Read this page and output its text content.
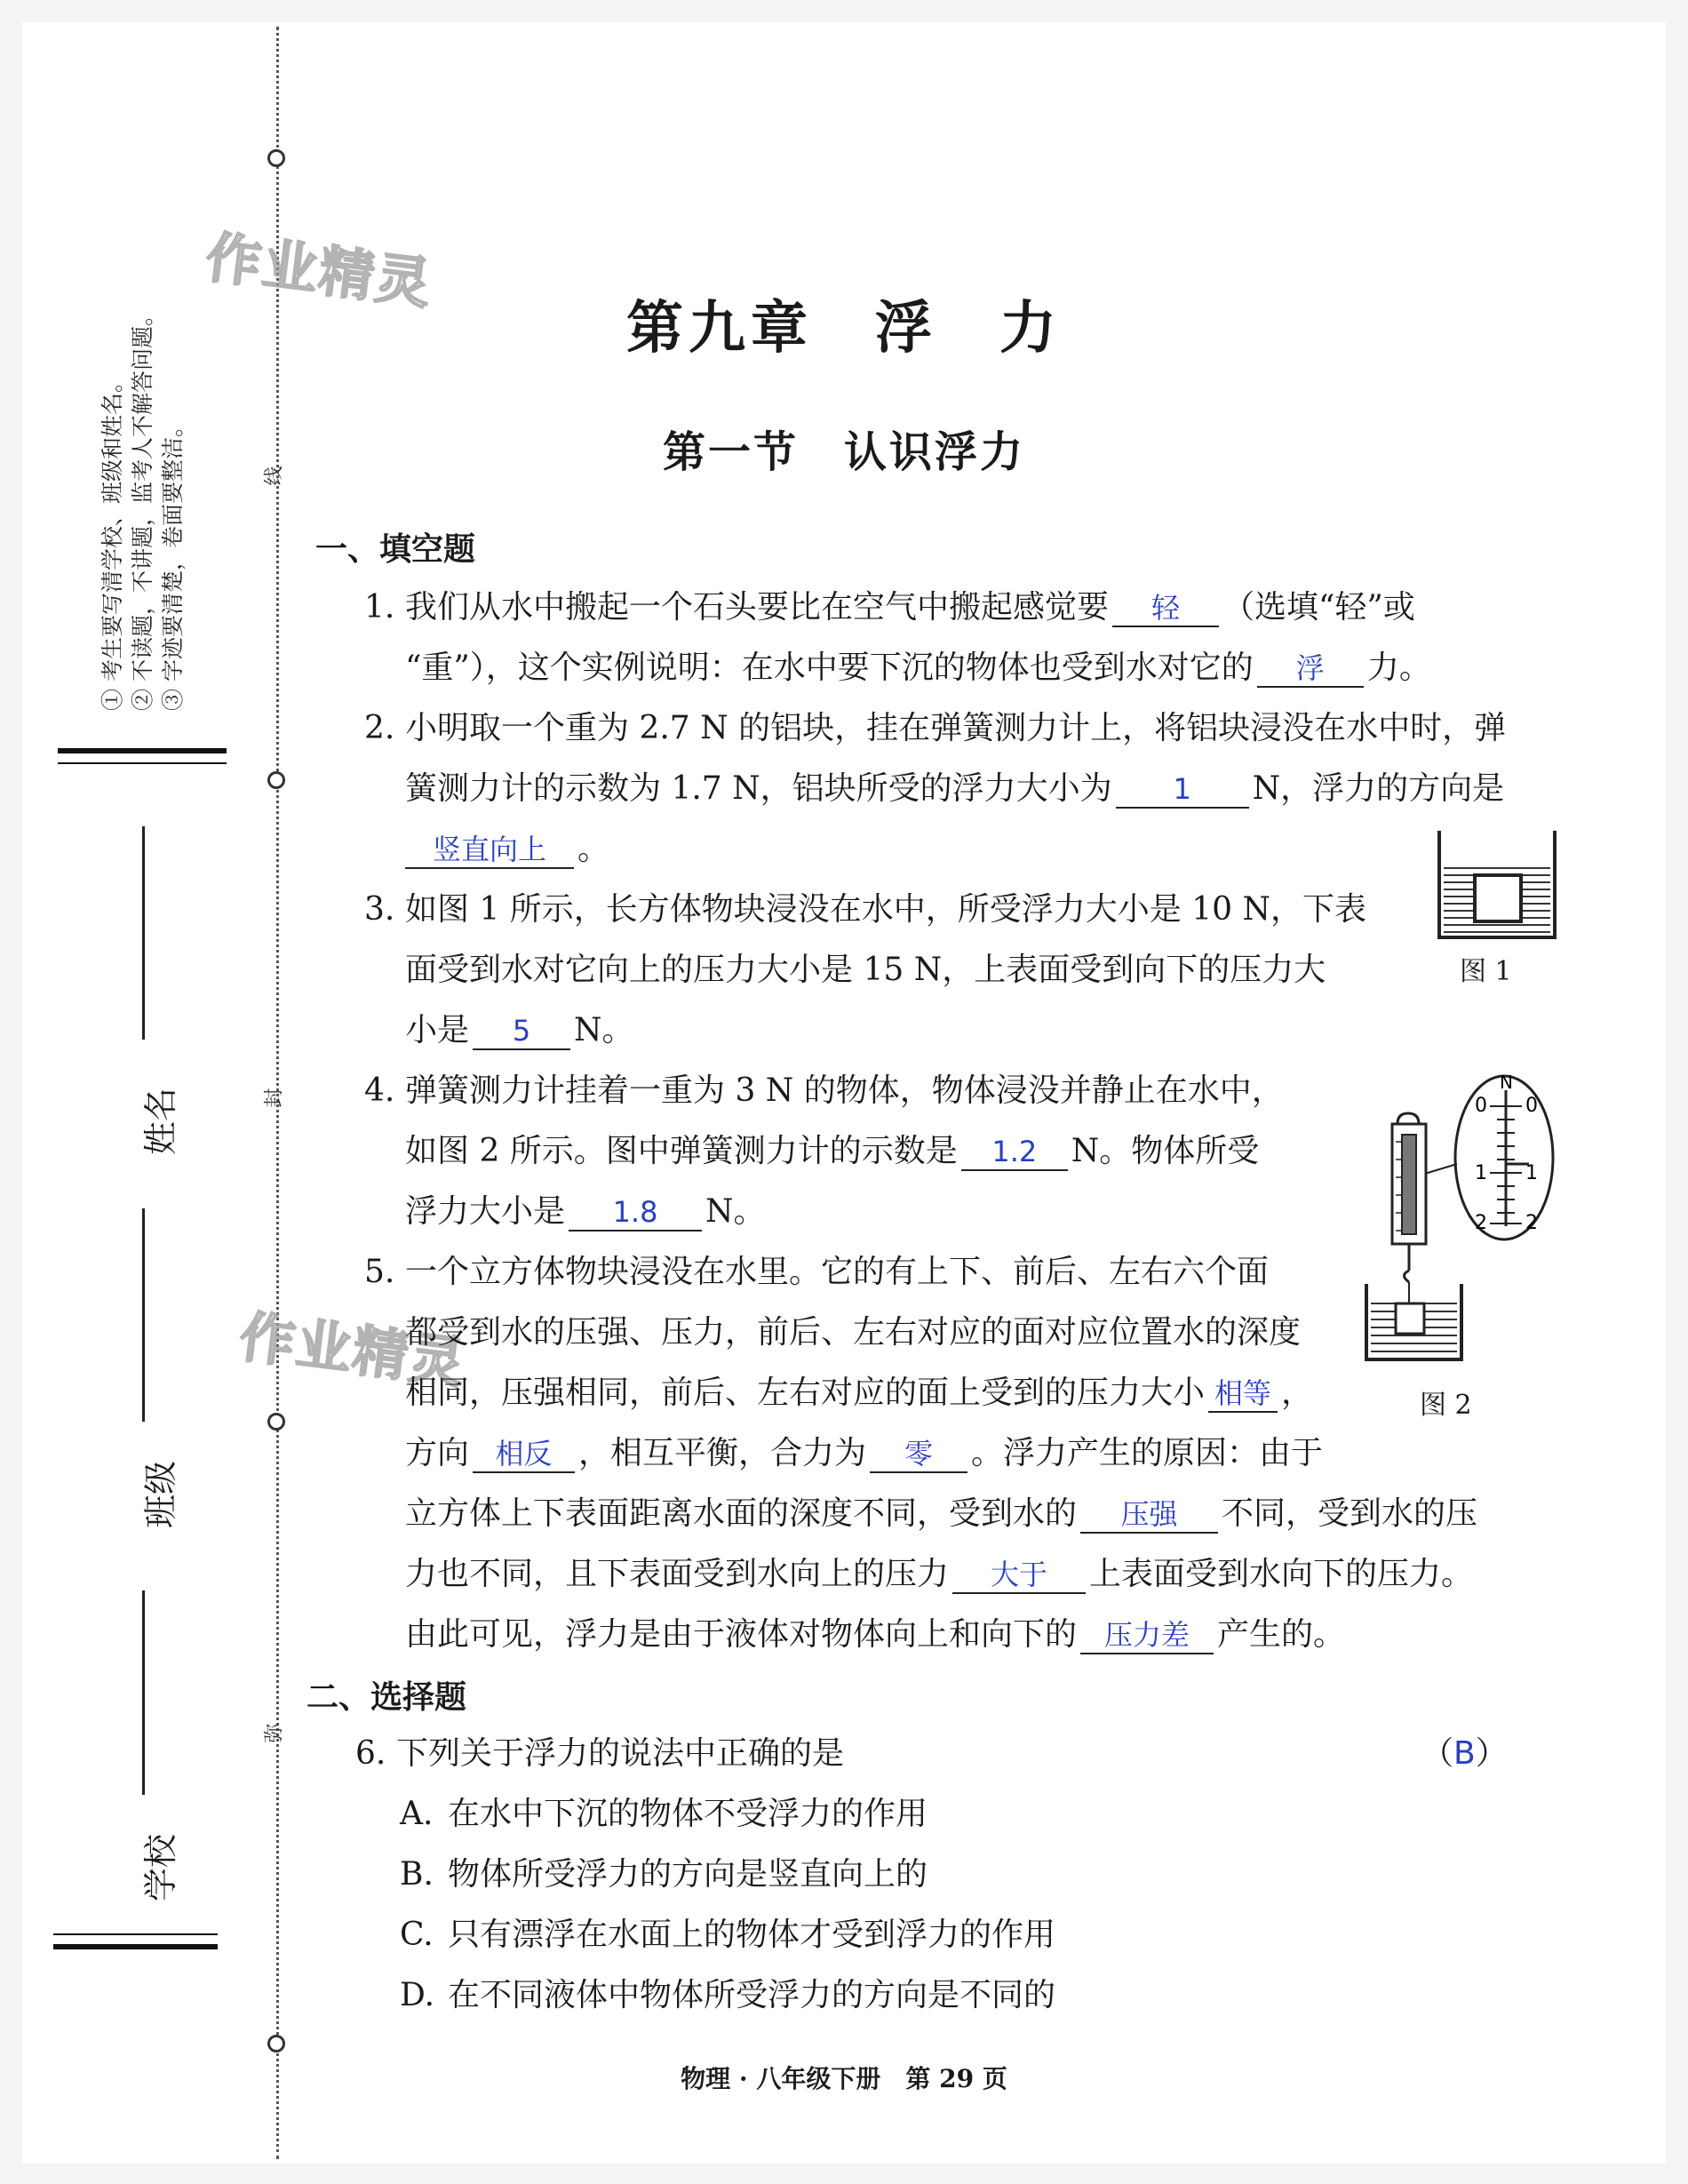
线
封
弥
① 考生要写清学校、班级和姓名。 ② 不读题，不讲题，监考人不解答问题。 ③ 字迹要清楚，卷面要整洁。
姓名
班级
学校
作业精灵
作业精灵
第九章　浮　力
第一节　认识浮力
一、填空题
1. 我们从水中搬起一个石头要比在空气中搬起感觉要 轻 （选填“轻”或
“重”），这个实例说明：在水中要下沉的物体也受到水对它的 浮 力。
2. 小明取一个重为 2.7 N 的铝块，挂在弹簧测力计上，将铝块浸没在水中时，弹
簧测力计的示数为 1.7 N，铝块所受的浮力大小为 1 N，浮力的方向是
竖直向上 。
图 1
3. 如图 1 所示，长方体物块浸没在水中，所受浮力大小是 10 N，下表
面受到水对它向上的压力大小是 15 N，上表面受到向下的压力大
小是 5 N。
4. 弹簧测力计挂着一重为 3 N 的物体，物体浸没并静止在水中，
如图 2 所示。图中弹簧测力计的示数是 1.2 N。物体所受
浮力大小是 1.8 N。
N
0 0
1 1
2 2
图 2
5. 一个立方体物块浸没在水里。它的有上下、前后、左右六个面
都受到水的压强、压力，前后、左右对应的面对应位置水的深度
相同，压强相同，前后、左右对应的面上受到的压力大小 相等 ，
方向 相反 ，相互平衡，合力为 零 。浮力产生的原因：由于
立方体上下表面距离水面的深度不同，受到水的 压强 不同，受到水的压
力也不同，且下表面受到水向上的压力 大于 上表面受到水向下的压力。
由此可见，浮力是由于液体对物体向上和向下的 压力差 产生的。
二、选择题
6. 下列关于浮力的说法中正确的是	（B）
A. 在水中下沉的物体不受浮力的作用
B. 物体所受浮力的方向是竖直向上的
C. 只有漂浮在水面上的物体才受到浮力的作用
D. 在不同液体中物体所受浮力的方向是不同的
物理 · 八年级下册　第 29 页
